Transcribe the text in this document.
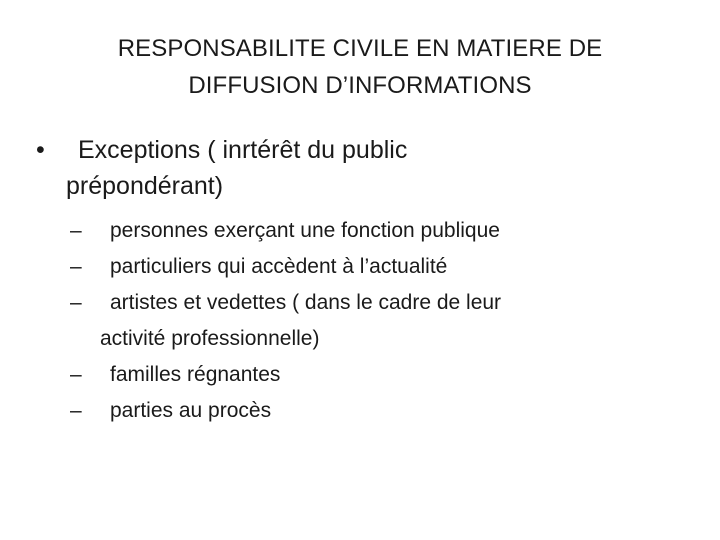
RESPONSABILITE CIVILE EN MATIERE DE
DIFFUSION D’INFORMATIONS
•	Exceptions ( inrtérêt du public
prépondérant)
–	personnes exerçant une fonction publique
–	particuliers qui accèdent à l’actualité
–	artistes et vedettes ( dans le cadre de leur
activité professionnelle)
–	familles régnantes
–	parties au procès
